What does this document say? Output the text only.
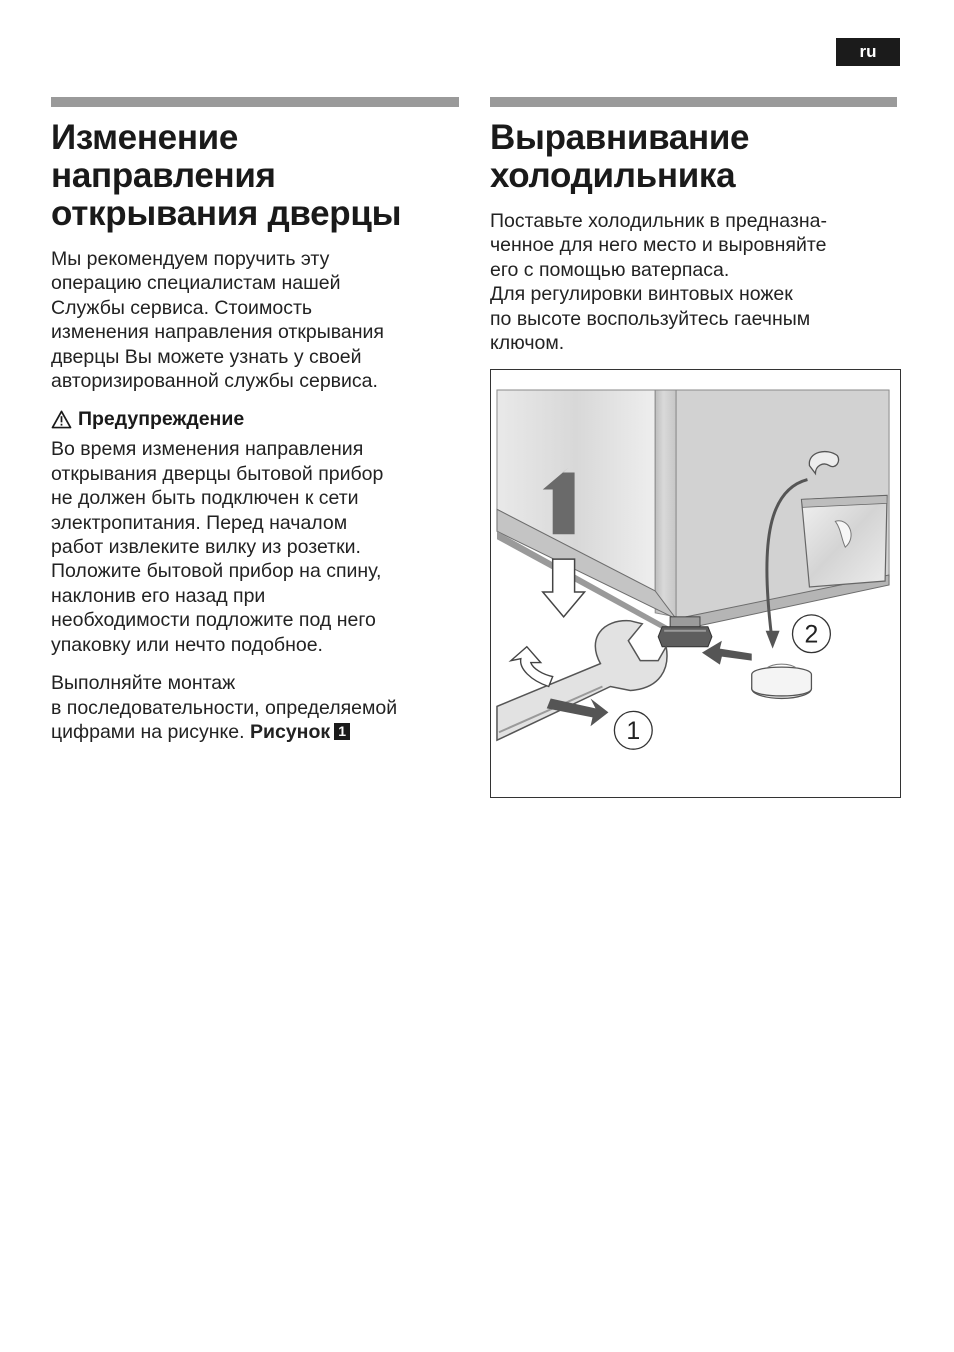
ru
Изменение
направления
открывания дверцы

Мы рекомендуем поручить эту
операцию специалистам нашей
Службы сервиса. Стоимость
изменения направления открывания
дверцы Вы можете узнать у своей
авторизированной службы сервиса.

Предупреждение

Во время изменения направления
открывания дверцы бытовой прибор
не должен быть подключен к сети
электропитания. Перед началом
работ извлеките вилку из розетки.
Положите бытовой прибор на спину,
наклонив его назад при
необходимости подложите под него
упаковку или нечто подобное.

Выполняйте монтаж
в последовательности, определяемой
цифрами на рисунке. Рисунок 1

Выравнивание
холодильника

Поставьте холодильник в предназна-
ченное для него место и выровняйте
его с помощью ватерпаса.
Для регулировки винтовых ножек
по высоте воспользуйтесь гаечным
ключом.

1
2
